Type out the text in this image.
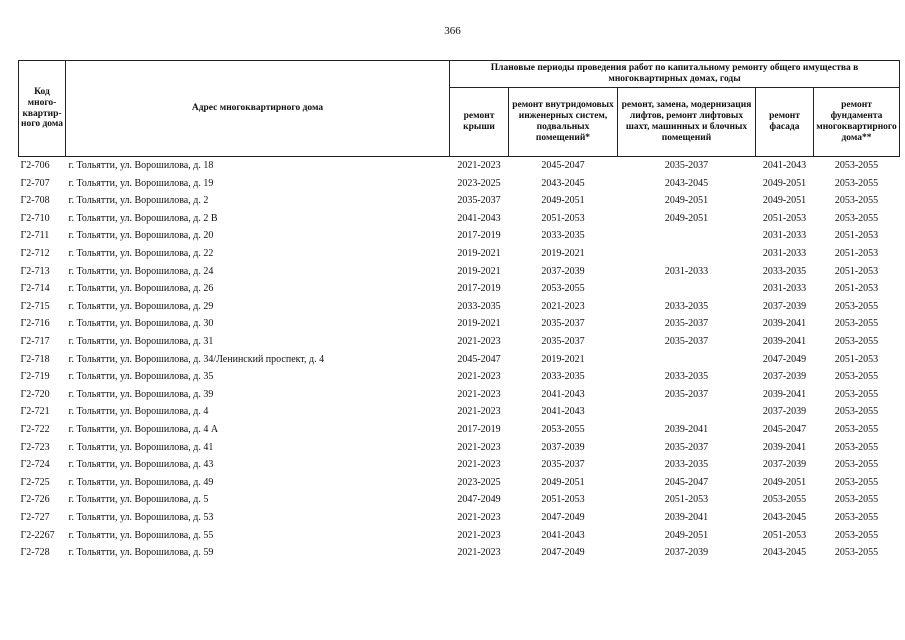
366
Код много-квартир-ного дома	Адрес многоквартирного дома	Плановые периоды проведения работ по капитальному ремонту общего имущества в многоквартирных домах, годы				
		ремонт крыши	ремонт внутридомовых инженерных систем, подвальных помещений*	ремонт, замена, модернизация лифтов, ремонт лифтовых шахт, машинных и блочных помещений	ремонт фасада	ремонт фундамента многоквартирного дома**
Г2-706	г. Тольятти, ул. Ворошилова, д. 18	2021-2023	2045-2047	2035-2037	2041-2043	2053-2055
Г2-707	г. Тольятти, ул. Ворошилова, д. 19	2023-2025	2043-2045	2043-2045	2049-2051	2053-2055
Г2-708	г. Тольятти, ул. Ворошилова, д. 2	2035-2037	2049-2051	2049-2051	2049-2051	2053-2055
Г2-710	г. Тольятти, ул. Ворошилова, д. 2 В	2041-2043	2051-2053	2049-2051	2051-2053	2053-2055
Г2-711	г. Тольятти, ул. Ворошилова, д. 20	2017-2019	2033-2035		2031-2033	2051-2053
Г2-712	г. Тольятти, ул. Ворошилова, д. 22	2019-2021	2019-2021		2031-2033	2051-2053
Г2-713	г. Тольятти, ул. Ворошилова, д. 24	2019-2021	2037-2039	2031-2033	2033-2035	2051-2053
Г2-714	г. Тольятти, ул. Ворошилова, д. 26	2017-2019	2053-2055		2031-2033	2051-2053
Г2-715	г. Тольятти, ул. Ворошилова, д. 29	2033-2035	2021-2023	2033-2035	2037-2039	2053-2055
Г2-716	г. Тольятти, ул. Ворошилова, д. 30	2019-2021	2035-2037	2035-2037	2039-2041	2053-2055
Г2-717	г. Тольятти, ул. Ворошилова, д. 31	2021-2023	2035-2037	2035-2037	2039-2041	2053-2055
Г2-718	г. Тольятти, ул. Ворошилова, д. 34/Ленинский проспект, д. 4	2045-2047	2019-2021		2047-2049	2051-2053
Г2-719	г. Тольятти, ул. Ворошилова, д. 35	2021-2023	2033-2035	2033-2035	2037-2039	2053-2055
Г2-720	г. Тольятти, ул. Ворошилова, д. 39	2021-2023	2041-2043	2035-2037	2039-2041	2053-2055
Г2-721	г. Тольятти, ул. Ворошилова, д. 4	2021-2023	2041-2043		2037-2039	2053-2055
Г2-722	г. Тольятти, ул. Ворошилова, д. 4 А	2017-2019	2053-2055	2039-2041	2045-2047	2053-2055
Г2-723	г. Тольятти, ул. Ворошилова, д. 41	2021-2023	2037-2039	2035-2037	2039-2041	2053-2055
Г2-724	г. Тольятти, ул. Ворошилова, д. 43	2021-2023	2035-2037	2033-2035	2037-2039	2053-2055
Г2-725	г. Тольятти, ул. Ворошилова, д. 49	2023-2025	2049-2051	2045-2047	2049-2051	2053-2055
Г2-726	г. Тольятти, ул. Ворошилова, д. 5	2047-2049	2051-2053	2051-2053	2053-2055	2053-2055
Г2-727	г. Тольятти, ул. Ворошилова, д. 53	2021-2023	2047-2049	2039-2041	2043-2045	2053-2055
Г2-2267	г. Тольятти, ул. Ворошилова, д. 55	2021-2023	2041-2043	2049-2051	2051-2053	2053-2055
Г2-728	г. Тольятти, ул. Ворошилова, д. 59	2021-2023	2047-2049	2037-2039	2043-2045	2053-2055
